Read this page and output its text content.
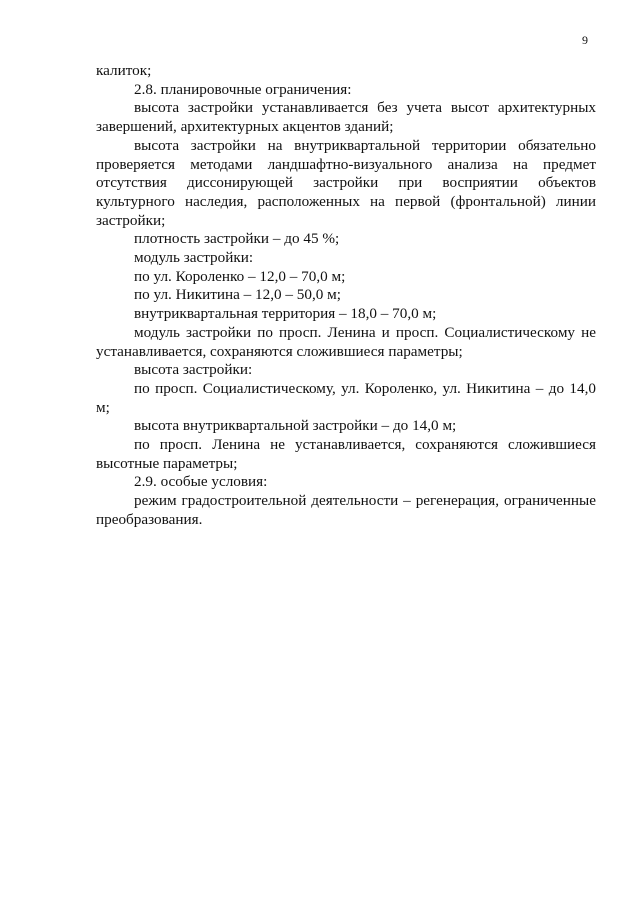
9

калиток;

2.8. планировочные ограничения:

высота застройки устанавливается без учета высот архитектурных завершений, архитектурных акцентов зданий;

высота застройки на внутриквартальной территории обязательно проверяется методами ландшафтно-визуального анализа на предмет отсутствия диссонирующей застройки при восприятии объектов культурного наследия, расположенных на первой (фронтальной) линии застройки;

плотность застройки – до 45 %;

модуль застройки:

по ул. Короленко – 12,0 – 70,0 м;

по ул. Никитина – 12,0 – 50,0 м;

внутриквартальная территория – 18,0 – 70,0 м;

модуль застройки по просп. Ленина и просп. Социалистическому не устанавливается, сохраняются сложившиеся параметры;

высота застройки:

по просп. Социалистическому, ул. Короленко, ул. Никитина – до 14,0 м;

высота внутриквартальной застройки – до 14,0 м;

по просп. Ленина не устанавливается, сохраняются сложившиеся высотные параметры;

2.9. особые условия:

режим градостроительной деятельности – регенерация, ограниченные преобразования.
